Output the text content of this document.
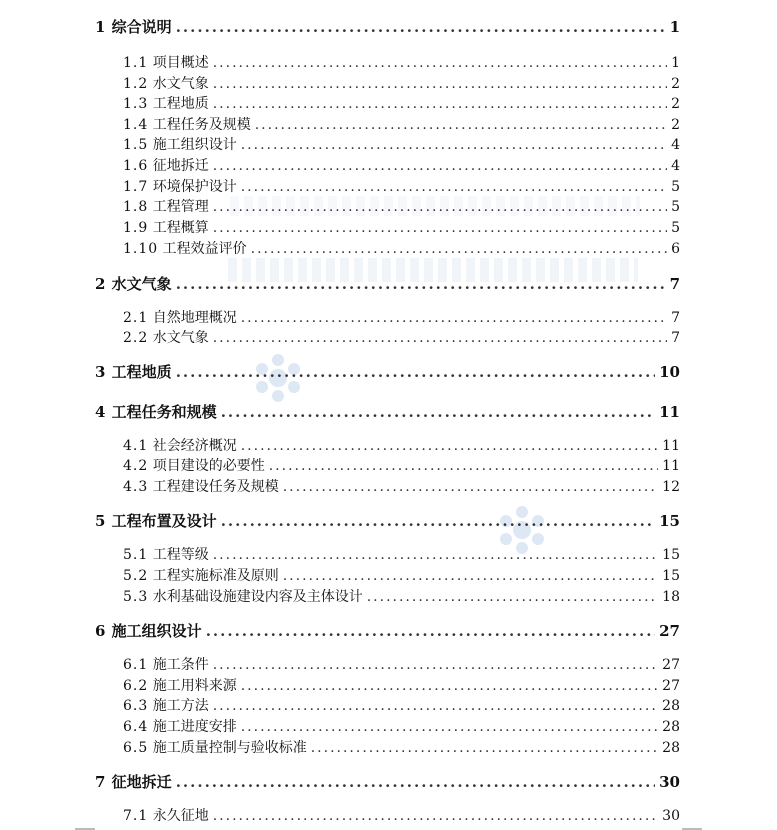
1 综合说明 .....	1
1.1 项目概述 .....	1
1.2 水文气象 .....	2
1.3 工程地质 .....	2
1.4 工程任务及规模 .....	2
1.5 施工组织设计 .....	4
1.6 征地拆迁 .....	4
1.7 环境保护设计 .....	5
1.8 工程管理 .....	5
1.9 工程概算 .....	5
1.10 工程效益评价 .....	6
2 水文气象 .....	7
2.1 自然地理概况 .....	7
2.2 水文气象 .....	7
3 工程地质 .....	10
4 工程任务和规模 .....	11
4.1 社会经济概况 .....	11
4.2 项目建设的必要性 .....	11
4.3 工程建设任务及规模 .....	12
5 工程布置及设计 .....	15
5.1 工程等级 .....	15
5.2 工程实施标准及原则 .....	15
5.3 水利基础设施建设内容及主体设计 .....	18
6 施工组织设计 .....	27
6.1 施工条件 .....	27
6.2 施工用料来源 .....	27
6.3 施工方法 .....	28
6.4 施工进度安排 .....	28
6.5 施工质量控制与验收标准 .....	28
7 征地拆迁 .....	30
7.1 永久征地 .....	30
